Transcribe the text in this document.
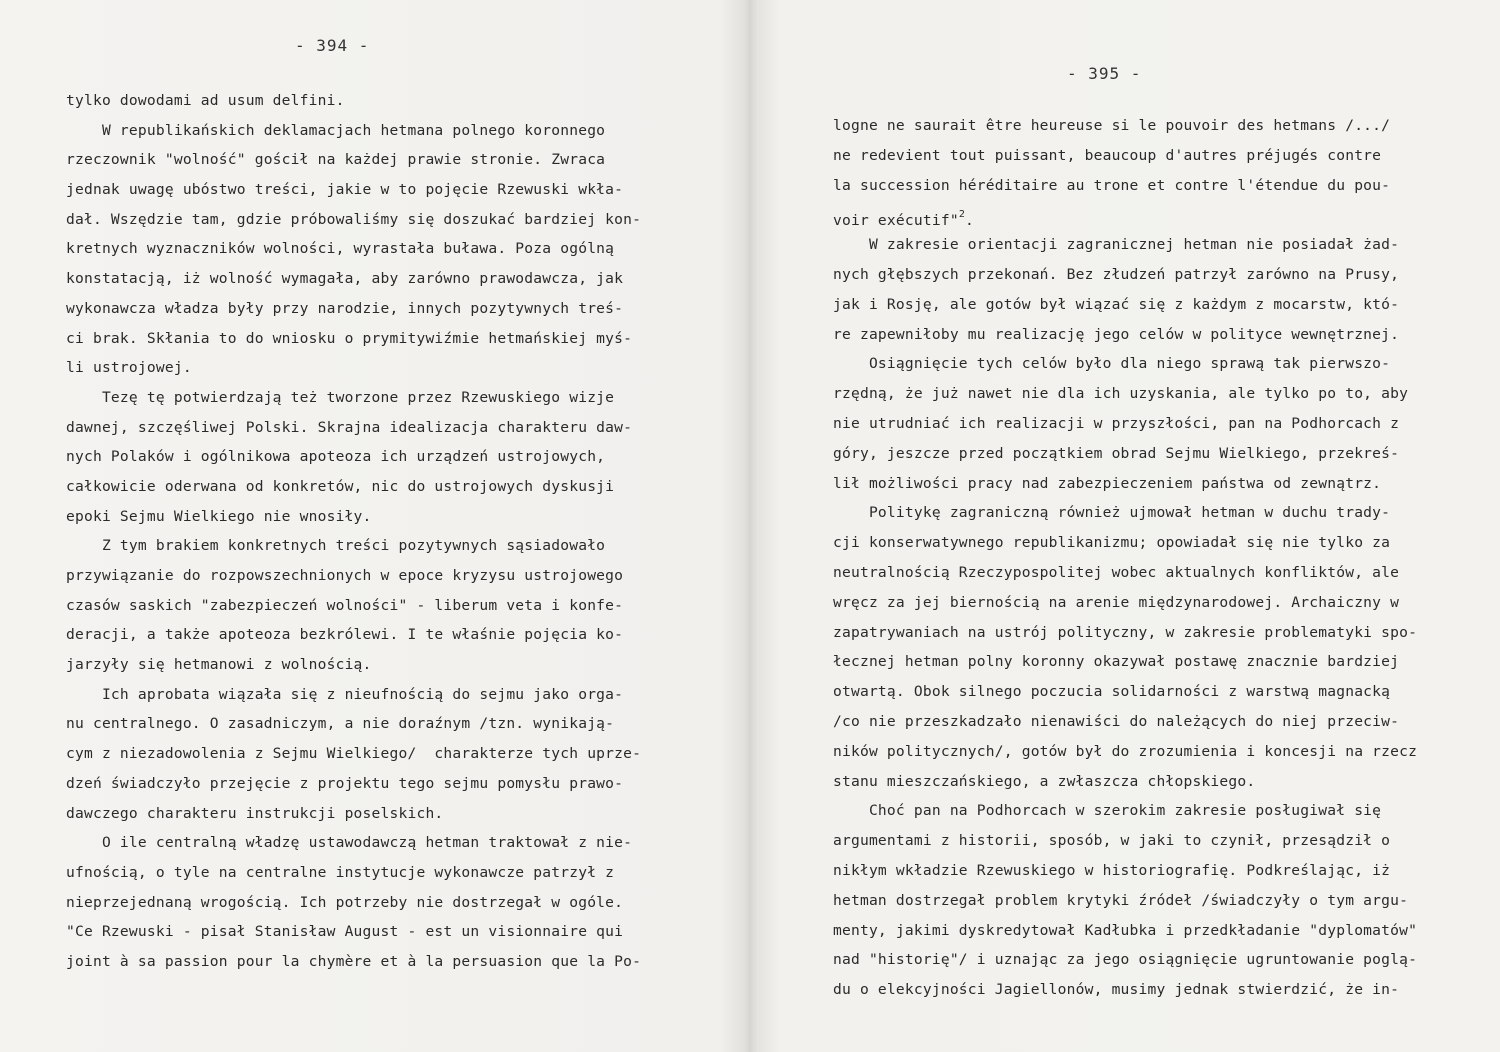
- 394 -
tylko dowodami ad usum delfini.
W republikańskich deklamacjach hetmana polnego koronnego
rzeczownik "wolność" gościł na każdej prawie stronie. Zwraca
jednak uwagę ubóstwo treści, jakie w to pojęcie Rzewuski wkła-
dał. Wszędzie tam, gdzie próbowaliśmy się doszukać bardziej kon-
kretnych wyznaczników wolności, wyrastała buława. Poza ogólną
konstatacją, iż wolność wymagała, aby zarówno prawodawcza, jak
wykonawcza władza były przy narodzie, innych pozytywnych treś-
ci brak. Skłania to do wniosku o prymitywiźmie hetmańskiej myś-
li ustrojowej.
Tezę tę potwierdzają też tworzone przez Rzewuskiego wizje
dawnej, szczęśliwej Polski. Skrajna idealizacja charakteru daw-
nych Polaków i ogólnikowa apoteoza ich urządzeń ustrojowych,
całkowicie oderwana od konkretów, nic do ustrojowych dyskusji
epoki Sejmu Wielkiego nie wnosiły.
Z tym brakiem konkretnych treści pozytywnych sąsiadowało
przywiązanie do rozpowszechnionych w epoce kryzysu ustrojowego
czasów saskich "zabezpieczeń wolności" - liberum veta i konfe-
deracji, a także apoteoza bezkrólewi. I te właśnie pojęcia ko-
jarzyły się hetmanowi z wolnością.
Ich aprobata wiązała się z nieufnością do sejmu jako orga-
nu centralnego. O zasadniczym, a nie doraźnym /tzn. wynikają-
cym z niezadowolenia z Sejmu Wielkiego/  charakterze tych uprze-
dzeń świadczyło przejęcie z projektu tego sejmu pomysłu prawo-
dawczego charakteru instrukcji poselskich.
O ile centralną władzę ustawodawczą hetman traktował z nie-
ufnością, o tyle na centralne instytucje wykonawcze patrzył z
nieprzejednaną wrogością. Ich potrzeby nie dostrzegał w ogóle.
"Ce Rzewuski - pisał Stanisław August - est un visionnaire qui
joint à sa passion pour la chymère et à la persuasion que la Po-
- 395 -
logne ne saurait être heureuse si le pouvoir des hetmans /.../
ne redevient tout puissant, beaucoup d'autres préjugés contre
la succession héréditaire au trone et contre l'étendue du pou-
voir exécutif"$^2$.
W zakresie orientacji zagranicznej hetman nie posiadał żad-
nych głębszych przekonań. Bez złudzeń patrzył zarówno na Prusy,
jak i Rosję, ale gotów był wiązać się z każdym z mocarstw, któ-
re zapewniłoby mu realizację jego celów w polityce wewnętrznej.
Osiągnięcie tych celów było dla niego sprawą tak pierwszo-
rzędną, że już nawet nie dla ich uzyskania, ale tylko po to, aby
nie utrudniać ich realizacji w przyszłości, pan na Podhorcach z
góry, jeszcze przed początkiem obrad Sejmu Wielkiego, przekreś-
lił możliwości pracy nad zabezpieczeniem państwa od zewnątrz.
Politykę zagraniczną również ujmował hetman w duchu trady-
cji konserwatywnego republikanizmu; opowiadał się nie tylko za
neutralnością Rzeczypospolitej wobec aktualnych konfliktów, ale
wręcz za jej biernością na arenie międzynarodowej. Archaiczny w
zapatrywaniach na ustrój polityczny, w zakresie problematyki spo-
łecznej hetman polny koronny okazywał postawę znacznie bardziej
otwartą. Obok silnego poczucia solidarności z warstwą magnacką
/co nie przeszkadzało nienawiści do należących do niej przeciw-
ników politycznych/, gotów był do zrozumienia i koncesji na rzecz
stanu mieszczańskiego, a zwłaszcza chłopskiego.
Choć pan na Podhorcach w szerokim zakresie posługiwał się
argumentami z historii, sposób, w jaki to czynił, przesądził o
nikłym wkładzie Rzewuskiego w historiografię. Podkreślając, iż
hetman dostrzegał problem krytyki źródeł /świadczyły o tym argu-
menty, jakimi dyskredytował Kadłubka i przedkładanie "dyplomatów"
nad "historię"/ i uznając za jego osiągnięcie ugruntowanie poglą-
du o elekcyjności Jagiellonów, musimy jednak stwierdzić, że in-
